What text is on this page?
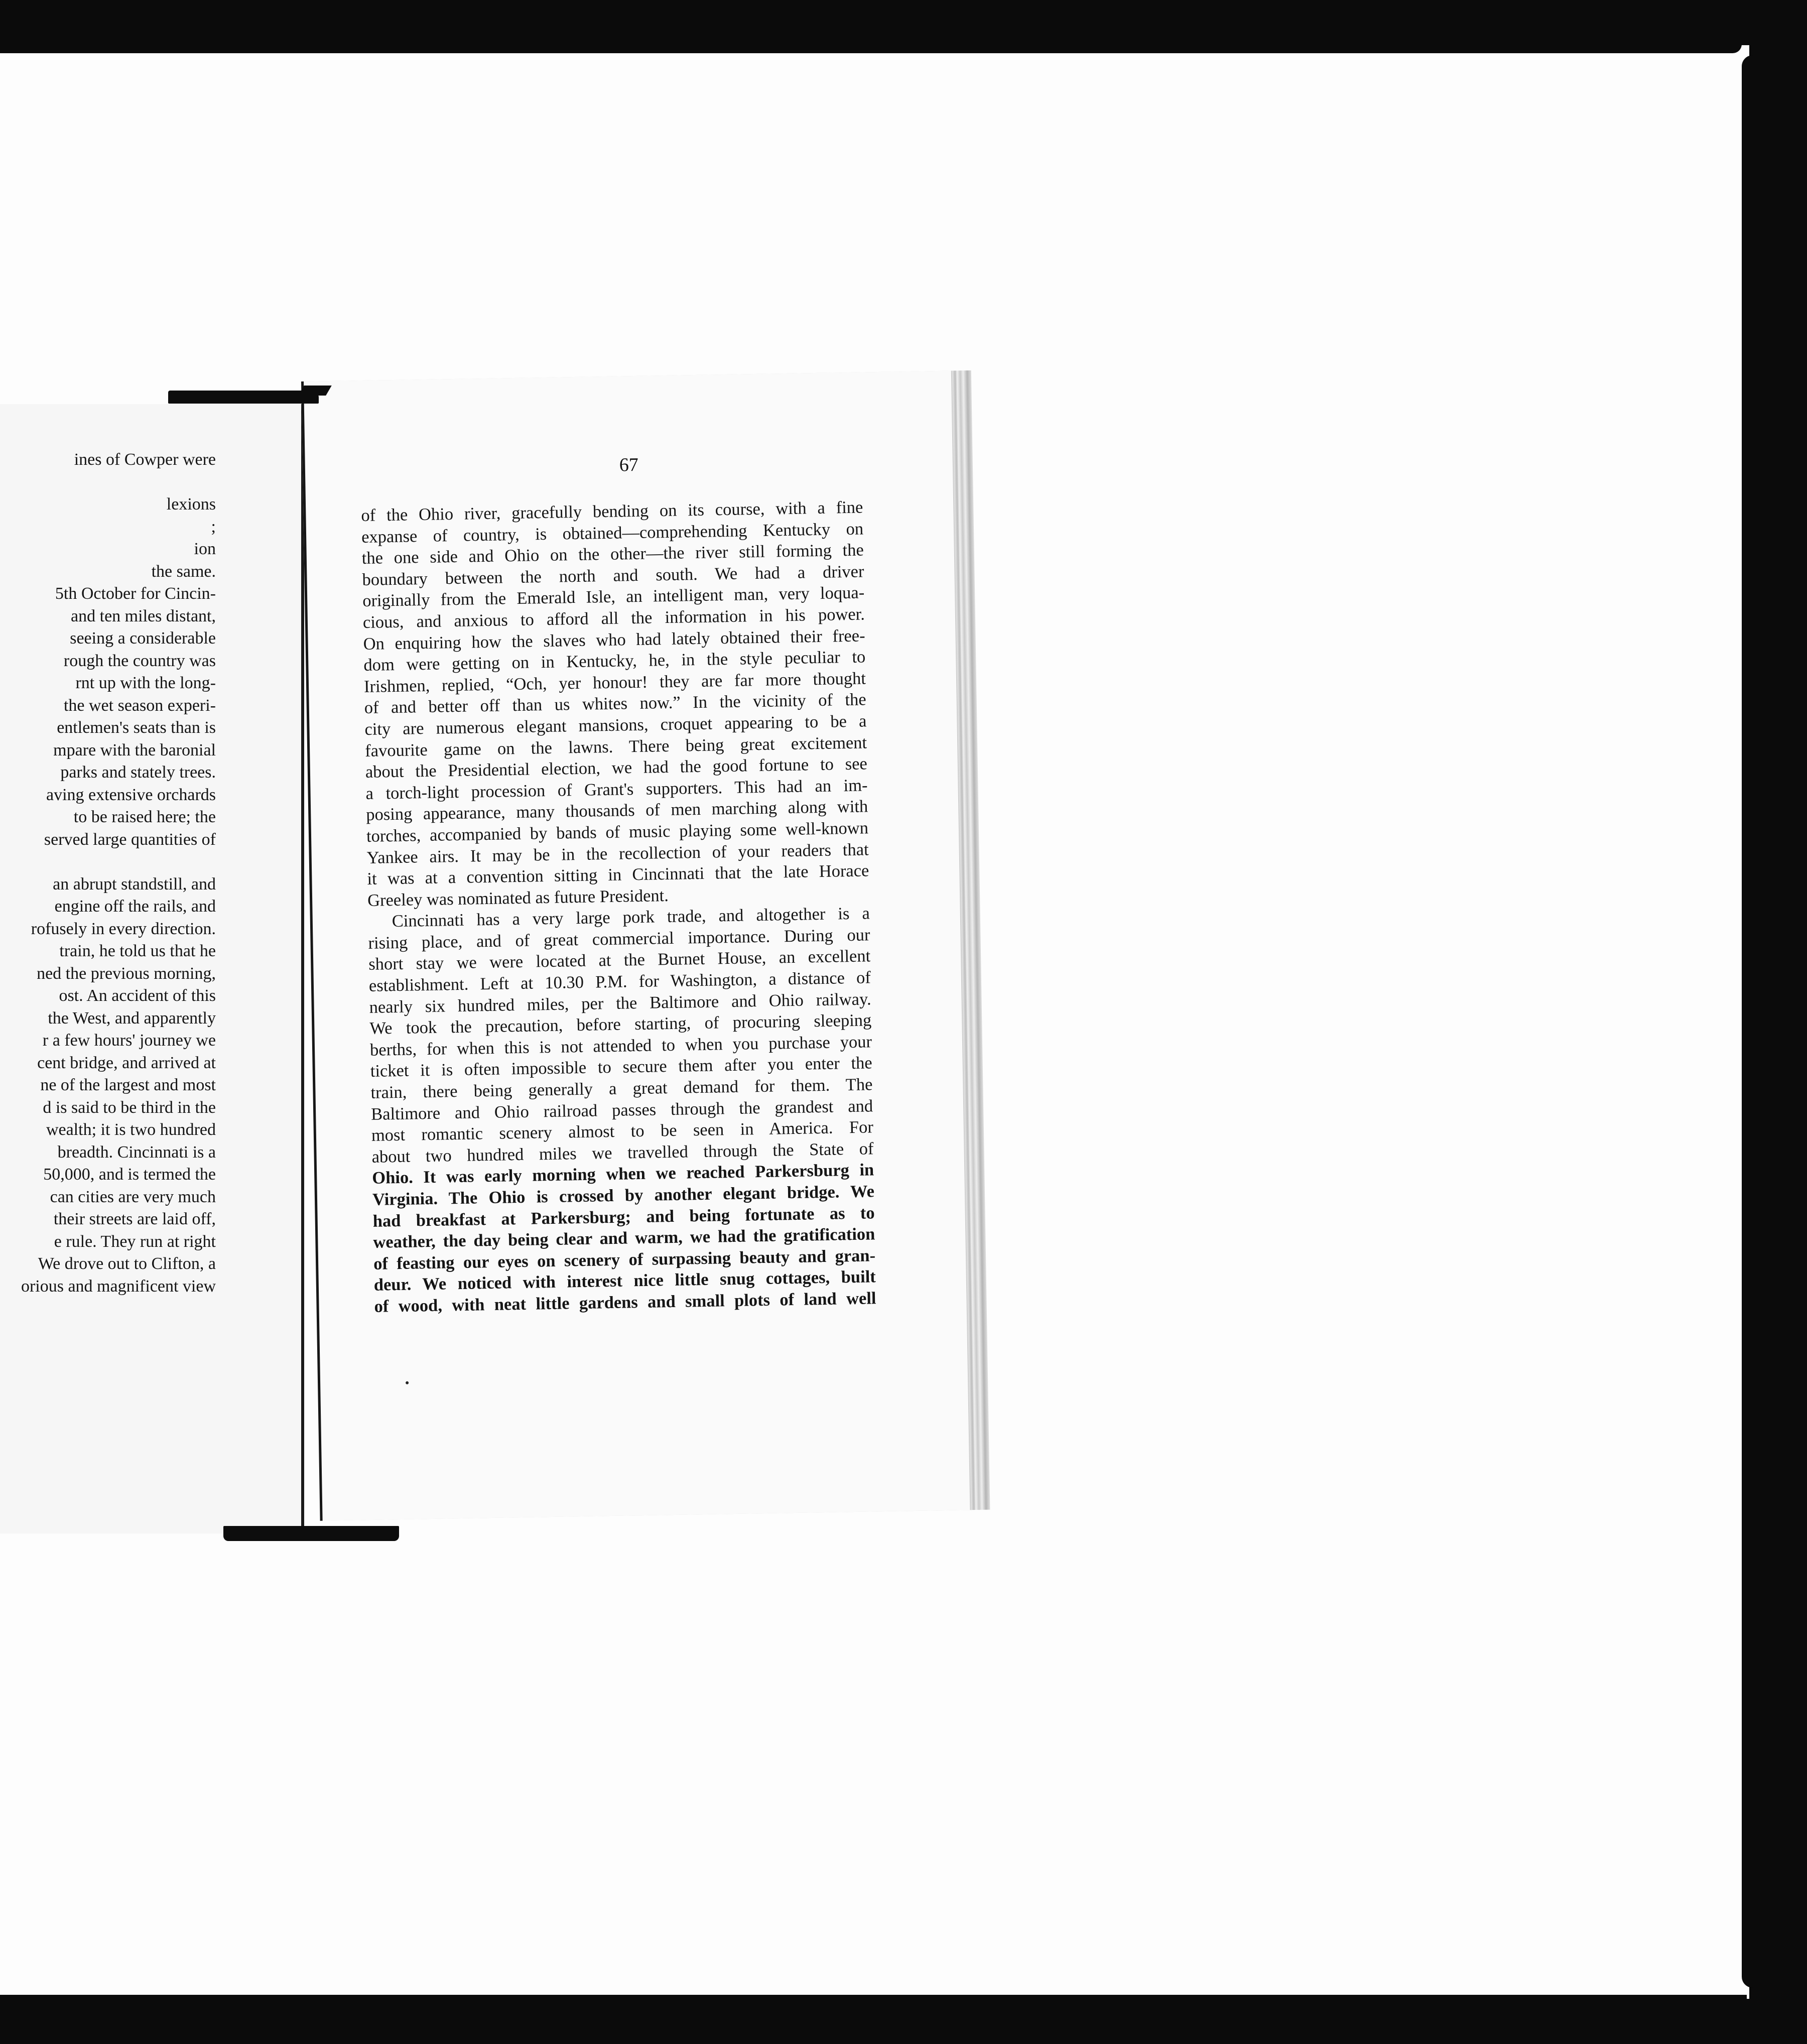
ines of Cowper were
lexions
;
ion
the same.
5th October for Cincin-
and ten miles distant,
seeing a considerable
rough the country was
rnt up with the long-
the wet season experi-
entlemen's seats than is
mpare with the baronial
parks and stately trees.
aving extensive orchards
to be raised here; the
served large quantities of
an abrupt standstill, and
engine off the rails, and
rofusely in every direction.
train, he told us that he
ned the previous morning,
ost. An accident of this
the West, and apparently
r a few hours' journey we
cent bridge, and arrived at
ne of the largest and most
d is said to be third in the
wealth; it is two hundred
breadth. Cincinnati is a
50,000, and is termed the
can cities are very much
their streets are laid off,
e rule. They run at right
We drove out to Clifton, a
orious and magnificent view
67
of the Ohio river, gracefully bending on its course, with a fine
expanse of country, is obtained—comprehending Kentucky on
the one side and Ohio on the other—the river still forming the
boundary between the north and south. We had a driver
originally from the Emerald Isle, an intelligent man, very loqua-
cious, and anxious to afford all the information in his power.
On enquiring how the slaves who had lately obtained their free-
dom were getting on in Kentucky, he, in the style peculiar to
Irishmen, replied, “Och, yer honour! they are far more thought
of and better off than us whites now.” In the vicinity of the
city are numerous elegant mansions, croquet appearing to be a
favourite game on the lawns. There being great excitement
about the Presidential election, we had the good fortune to see
a torch-light procession of Grant's supporters. This had an im-
posing appearance, many thousands of men marching along with
torches, accompanied by bands of music playing some well-known
Yankee airs. It may be in the recollection of your readers that
it was at a convention sitting in Cincinnati that the late Horace
Greeley was nominated as future President.
Cincinnati has a very large pork trade, and altogether is a
rising place, and of great commercial importance. During our
short stay we were located at the Burnet House, an excellent
establishment. Left at 10.30 P.M. for Washington, a distance of
nearly six hundred miles, per the Baltimore and Ohio railway.
We took the precaution, before starting, of procuring sleeping
berths, for when this is not attended to when you purchase your
ticket it is often impossible to secure them after you enter the
train, there being generally a great demand for them. The
Baltimore and Ohio railroad passes through the grandest and
most romantic scenery almost to be seen in America. For
about two hundred miles we travelled through the State of
Ohio. It was early morning when we reached Parkersburg in
Virginia. The Ohio is crossed by another elegant bridge. We
had breakfast at Parkersburg; and being fortunate as to
weather, the day being clear and warm, we had the gratification
of feasting our eyes on scenery of surpassing beauty and gran-
deur. We noticed with interest nice little snug cottages, built
of wood, with neat little gardens and small plots of land well
